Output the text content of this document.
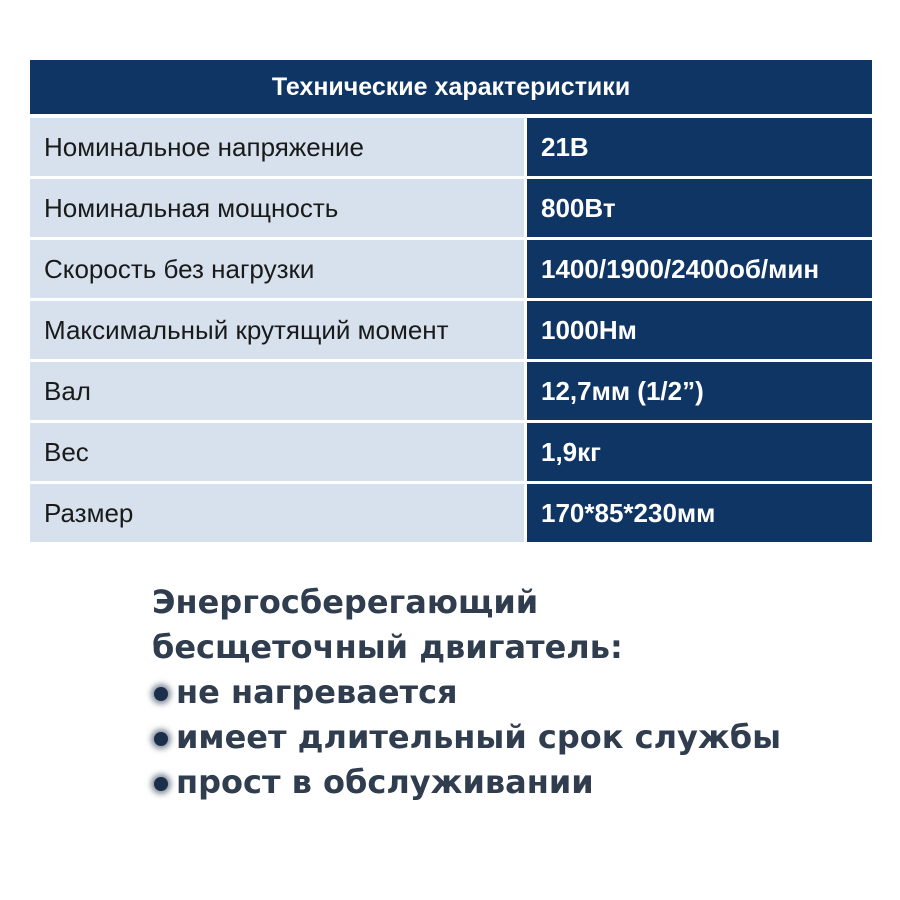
Технические характеристики
Номинальное напряжение	21В
Номинальная мощность	800Вт
Скорость без нагрузки	1400/1900/2400об/мин
Максимальный крутящий момент	1000Нм
Вал	12,7мм (1/2”)
Вес	1,9кг
Размер	170*85*230мм
Энергосберегающий
бесщеточный двигатель:
не нагревается
имеет длительный срок службы
прост в обслуживании
